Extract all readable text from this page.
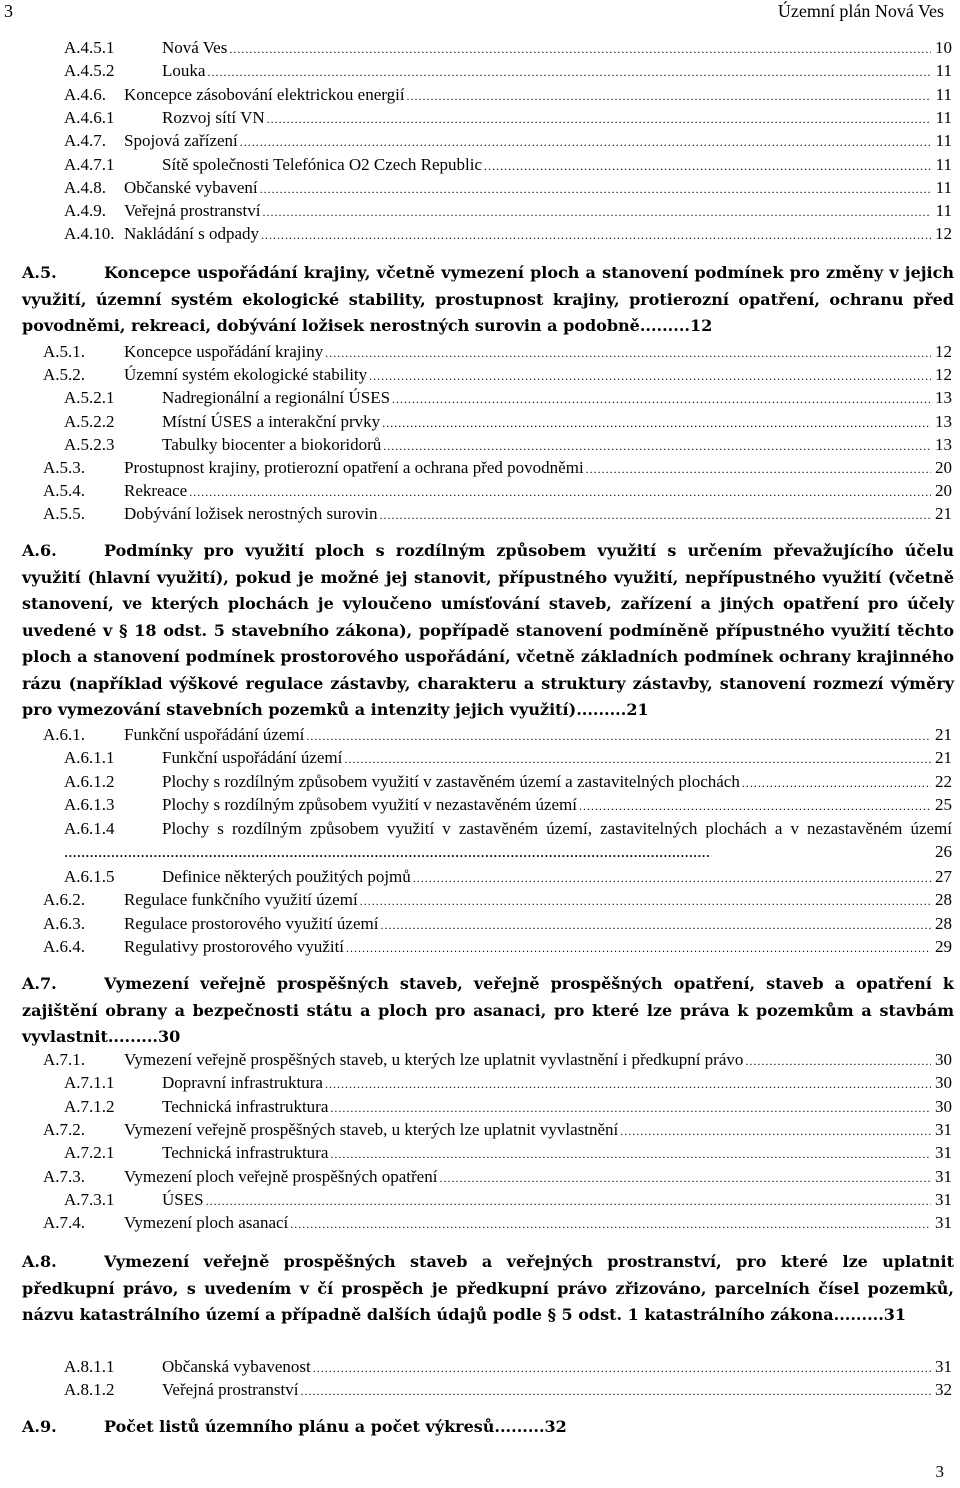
3	Územní plán Nová Ves
A.4.5.1	Nová Ves .....	10
A.4.5.2	Louka .....	11
A.4.6. Koncepce zásobování elektrickou energií .....	11
A.4.6.1	Rozvoj sítí VN .....	11
A.4.7. Spojová zařízení .....	11
A.4.7.1	Sítě společnosti Telefónica O2 Czech Republic .....	11
A.4.8. Občanské vybavení .....	11
A.4.9. Veřejná prostranství .....	11
A.4.10. Nakládání s odpady .....	12
A.5.	Koncepce uspořádání krajiny, včetně vymezení ploch a stanovení podmínek pro změny v jejich využití, územní systém ekologické stability, prostupnost krajiny, protierozní opatření, ochranu před povodněmi, rekreaci, dobývání ložisek nerostných surovin a podobně.........12
A.5.1. Koncepce uspořádání krajiny .....	12
A.5.2. Územní systém ekologické stability .....	12
A.5.2.1	Nadregionální a regionální ÚSES .....	13
A.5.2.2	Místní ÚSES a interakční prvky .....	13
A.5.2.3	Tabulky biocenter a biokoridorů .....	13
A.5.3. Prostupnost krajiny, protierozní opatření a ochrana před povodněmi .....	20
A.5.4. Rekreace .....	20
A.5.5. Dobývání ložisek nerostných surovin .....	21
A.6.	Podmínky pro využití ploch s rozdílným způsobem využití s určením převažujícího účelu využití (hlavní využití), pokud je možné jej stanovit, přípustného využití, nepřípustného využití (včetně stanovení, ve kterých plochách je vyloučeno umísťování staveb, zařízení a jiných opatření pro účely uvedené v § 18 odst. 5 stavebního zákona), popřípadě stanovení podmíněně přípustného využití těchto ploch a stanovení podmínek prostorového uspořádání, včetně základních podmínek ochrany krajinného rázu (například výškové regulace zástavby, charakteru a struktury zástavby, stanovení rozmezí výměry pro vymezování stavebních pozemků a intenzity jejich využití).........21
A.6.1. Funkční uspořádání území .....	21
A.6.1.1	Funkční uspořádání území .....	21
A.6.1.2	Plochy s rozdílným způsobem využití v zastavěném území a zastavitelných plochách .....	22
A.6.1.3	Plochy s rozdílným způsobem využití v nezastavěném území .....	25
A.6.1.4	Plochy s rozdílným způsobem využití v zastavěném území, zastavitelných plochách a v nezastavěném území ........................................................................................................................................................	26
A.6.1.5	Definice některých použitých pojmů .....	27
A.6.2. Regulace funkčního využití území .....	28
A.6.3. Regulace prostorového využití území .....	28
A.6.4. Regulativy prostorového využití .....	29
A.7.	Vymezení veřejně prospěšných staveb, veřejně prospěšných opatření, staveb a opatření k zajištění obrany a bezpečnosti státu a ploch pro asanaci, pro které lze práva k pozemkům a stavbám vyvlastnit.........30
A.7.1. Vymezení veřejně prospěšných staveb, u kterých lze uplatnit vyvlastnění i předkupní právo .....	30
A.7.1.1	Dopravní infrastruktura .....	30
A.7.1.2	Technická infrastruktura .....	30
A.7.2. Vymezení veřejně prospěšných staveb, u kterých lze uplatnit vyvlastnění .....	31
A.7.2.1	Technická infrastruktura .....	31
A.7.3. Vymezení ploch veřejně prospěšných opatření .....	31
A.7.3.1	ÚSES .....	31
A.7.4. Vymezení ploch asanací .....	31
A.8.	Vymezení veřejně prospěšných staveb a veřejných prostranství, pro které lze uplatnit předkupní právo, s uvedením v čí prospěch je předkupní právo zřizováno, parcelních čísel pozemků, názvu katastrálního území a případně dalších údajů podle § 5 odst. 1 katastrálního zákona.........31
A.8.1.1	Občanská vybavenost .....	31
A.8.1.2	Veřejná prostranství .....	32
A.9.	Počet listů územního plánu a počet výkresů.........32
3
